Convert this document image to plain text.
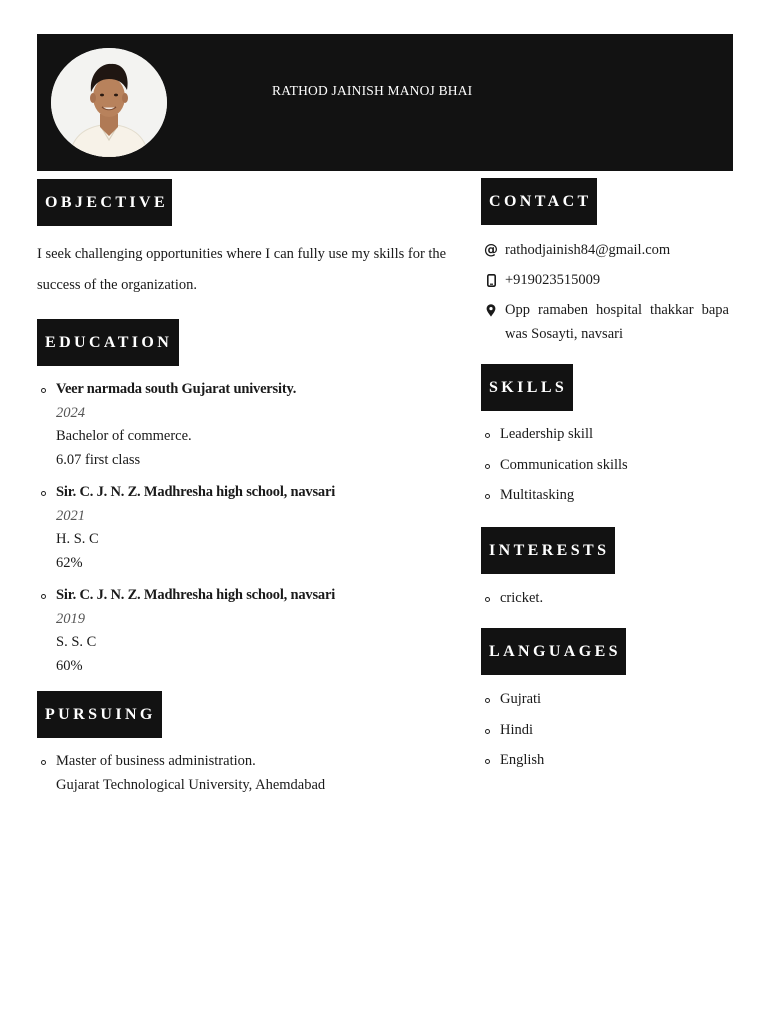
RATHOD JAINISH MANOJ BHAI
OBJECTIVE
I seek challenging opportunities where I can fully use my skills for the success of the organization.
EDUCATION
Veer narmada south Gujarat university.
2024
Bachelor of commerce.
6.07 first class
Sir. C. J. N. Z. Madhresha high school, navsari
2021
H. S. C
62%
Sir. C. J. N. Z. Madhresha high school, navsari
2019
S. S. C
60%
PURSUING
Master of business administration.
Gujarat Technological University, Ahemdabad
CONTACT
@ rathodjainish84@gmail.com
+919023515009
Opp ramaben hospital thakkar bapa was Sosayti, navsari
SKILLS
Leadership skill
Communication skills
Multitasking
INTERESTS
cricket.
LANGUAGES
Gujrati
Hindi
English
